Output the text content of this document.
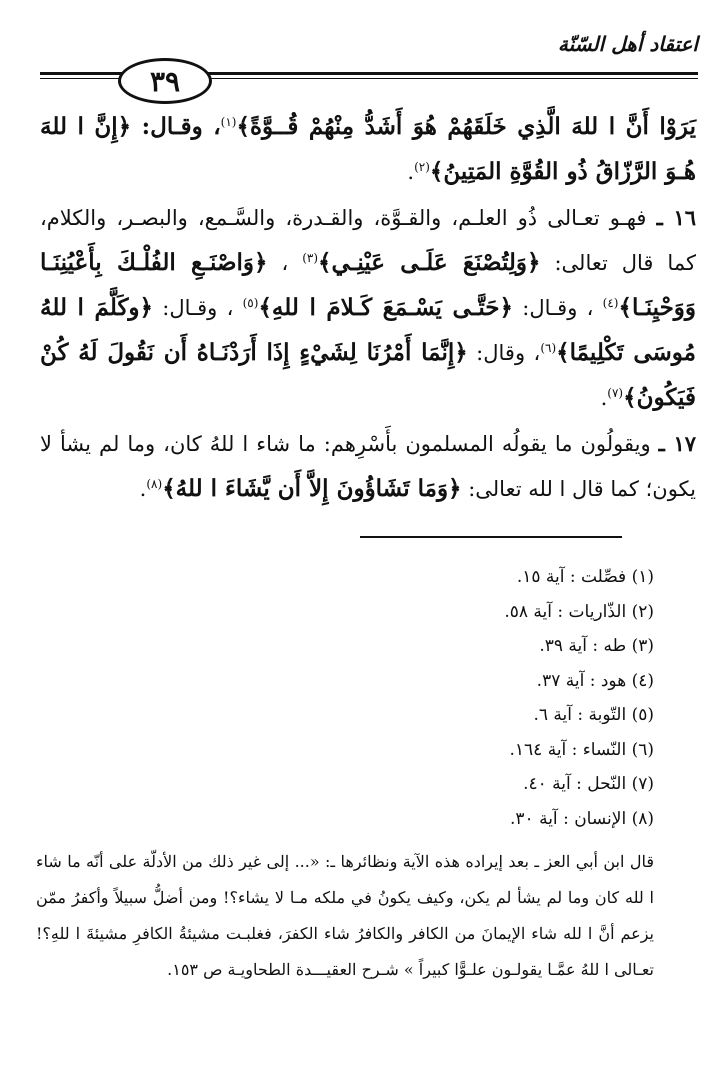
اعتقاد أهل السّنّة
٣٩

يَرَوْا أَنَّ ا للهَ الَّذِي خَلَقَهُمْ هُوَ أَشَدُّ مِنْهُمْ قُــوَّةً﴾$^{(١)}$، وقـال: ﴿إِنَّ ا للهَ هُـوَ الرَّزّاقُ ذُو القُوَّةِ المَتِينُ﴾$^{(٢)}$.

١٦ ـ فهـو تعـالى ذُو العلـم، والقـوَّة، والقـدرة، والسَّـمع، والبصـر، والكلام، كما قال تعالى: ﴿وَلِتُصْنَعَ عَلَـى عَيْنِـي﴾$^{(٣)}$ ، ﴿وَاصْنَـعِ الفُلْـكَ بِأَعْيُنِنَـا وَوَحْيِنَـا﴾$^{(٤)}$ ، وقـال: ﴿حَتَّـى يَسْـمَعَ كَـلامَ ا للهِ﴾$^{(٥)}$ ، وقـال: ﴿وكَلَّمَ ا للهُ مُوسَى تَكْلِيمًا﴾$^{(٦)}$، وقال: ﴿إِنَّمَا أَمْرُنَا لِشَيْءٍ إِذَا أَرَدْنَـاهُ أَن نَقُولَ لَهُ كُنْ فَيَكُونُ﴾$^{(٧)}$.

١٧ ـ ويقولُون ما يقولُه المسلمون بأَسْرِهم: ما شاء ا للهُ كان، وما لم يشأ لا يكون؛ كما قال ا لله تعالى: ﴿وَمَا تَشَاؤُونَ إِلاَّ أَن يَّشَاءَ ا للهُ﴾$^{(٨)}$.

(١) فصِّلت : آية ١٥.
(٢) الذّاريات : آية ٥٨.
(٣) طه : آية ٣٩.
(٤) هود : آية ٣٧.
(٥) التّوبة : آية ٦.
(٦) النّساء : آية ١٦٤.
(٧) النّحل : آية ٤٠.
(٨) الإنسان : آية ٣٠.
قال ابن أبي العز ـ بعد إيراده هذه الآية ونظائرها ـ: «... إلى غير ذلك من الأدلّة على أنّه ما شاء ا لله كان وما لم يشأ لم يكن، وكيف يكونُ في ملكه مـا لا يشاء؟! ومن أضلُّ سبيلاً وأكفرُ ممّن يزعم أنَّ ا لله شاء الإيمانَ من الكافر والكافرُ شاء الكفرَ، فغلبـت مشيئةُ الكافرِ مشيئةَ ا للهِ؟! تعـالى ا للهُ عمَّـا يقولـون علـوًّا كبيراً » شـرح العقيـــدة الطحاويـة ص ١٥٣.
